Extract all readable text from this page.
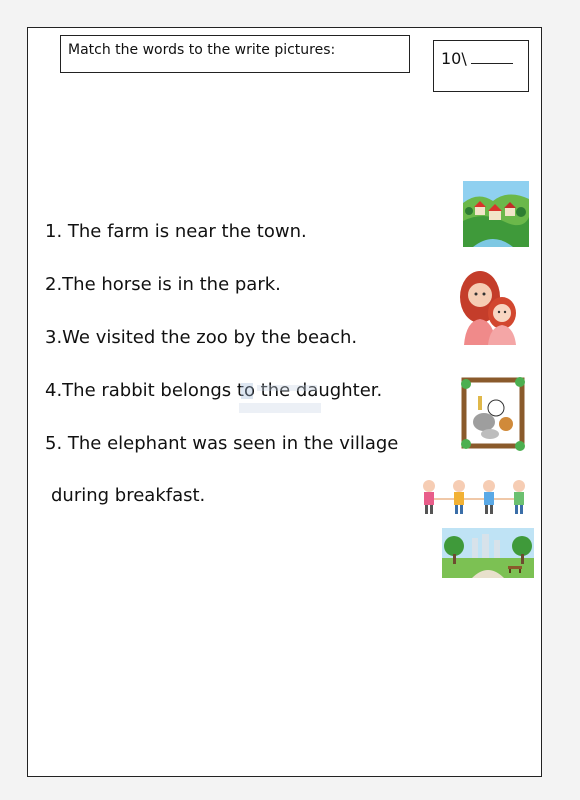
Match the words to the write pictures:	10\
1. The farm is near the town.
2.The horse is in the park.
3.We visited the zoo by the beach.
4.The rabbit belongs to the daughter.
5. The elephant was seen in the village
during breakfast.
